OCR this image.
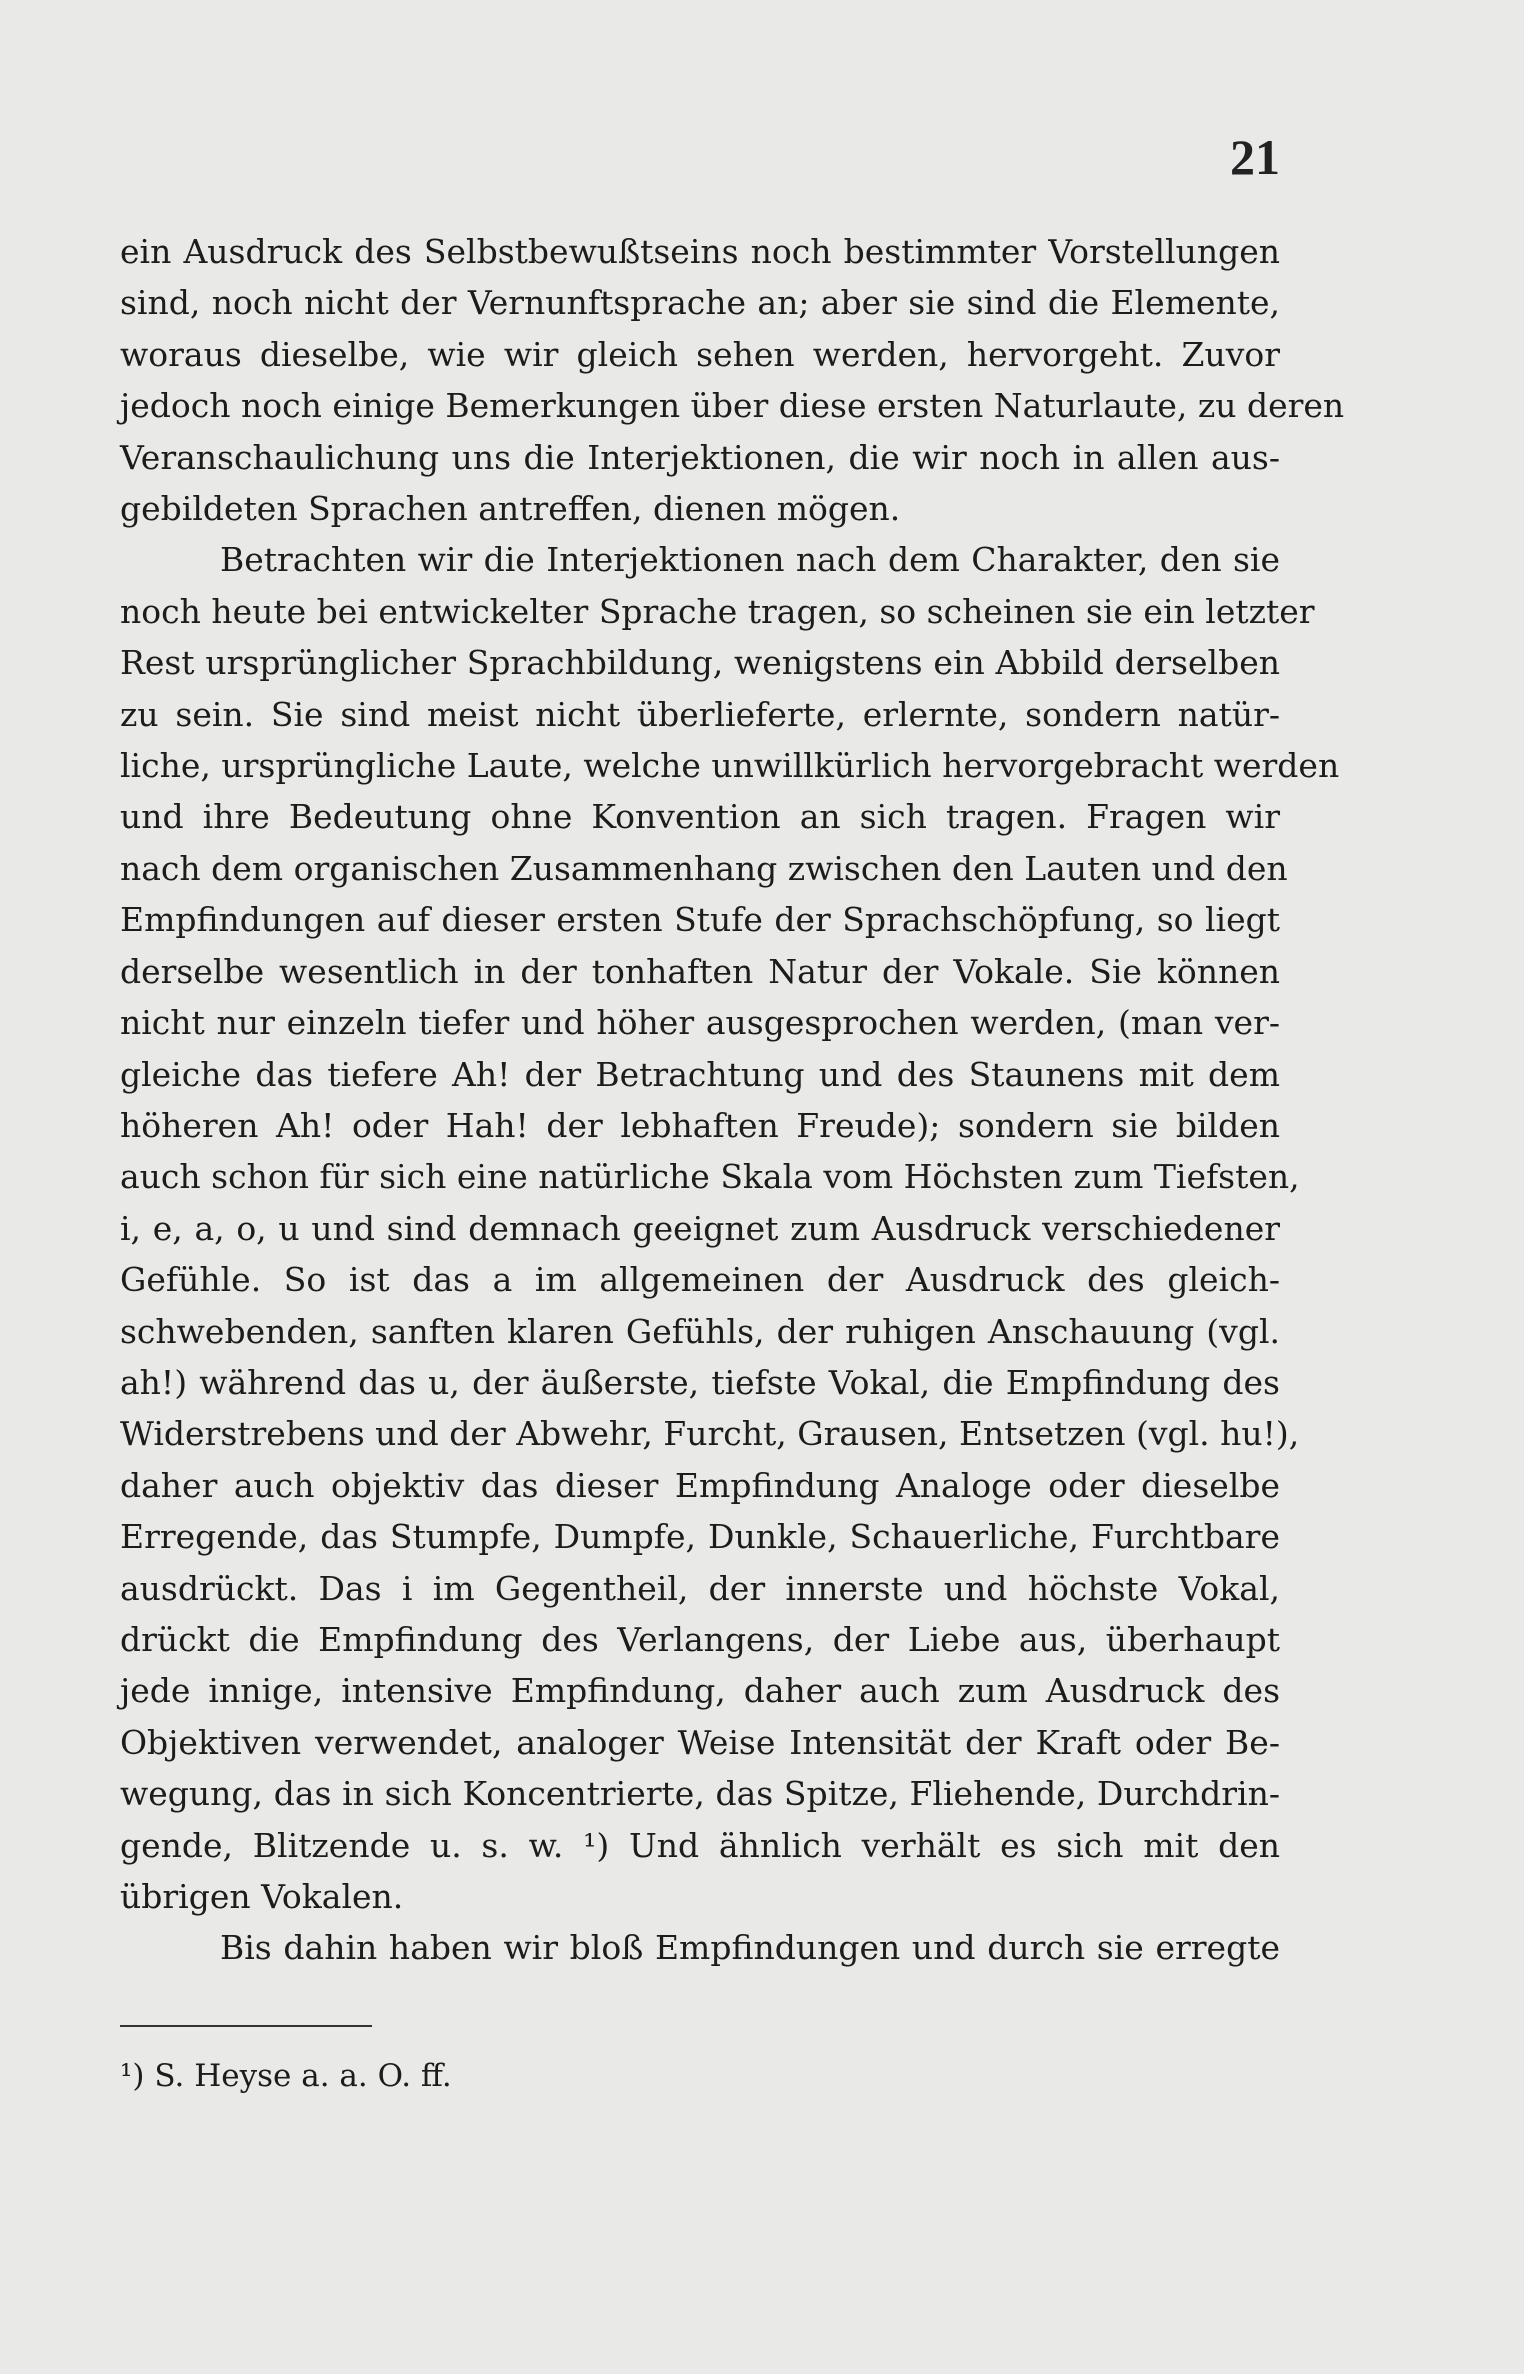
21
ein Ausdruck des Selbstbewußtseins noch bestimmter Vorstellungen
sind, noch nicht der Vernunftsprache an; aber sie sind die Elemente,
woraus dieselbe, wie wir gleich sehen werden, hervorgeht. Zuvor
jedoch noch einige Bemerkungen über diese ersten Naturlaute, zu deren
Veranschaulichung uns die Interjektionen, die wir noch in allen aus-
gebildeten Sprachen antreffen, dienen mögen.
Betrachten wir die Interjektionen nach dem Charakter, den sie
noch heute bei entwickelter Sprache tragen, so scheinen sie ein letzter
Rest ursprünglicher Sprachbildung, wenigstens ein Abbild derselben
zu sein. Sie sind meist nicht überlieferte, erlernte, sondern natür-
liche, ursprüngliche Laute, welche unwillkürlich hervorgebracht werden
und ihre Bedeutung ohne Konvention an sich tragen. Fragen wir
nach dem organischen Zusammenhang zwischen den Lauten und den
Empfindungen auf dieser ersten Stufe der Sprachschöpfung, so liegt
derselbe wesentlich in der tonhaften Natur der Vokale. Sie können
nicht nur einzeln tiefer und höher ausgesprochen werden, (man ver-
gleiche das tiefere Ah! der Betrachtung und des Staunens mit dem
höheren Ah! oder Hah! der lebhaften Freude); sondern sie bilden
auch schon für sich eine natürliche Skala vom Höchsten zum Tiefsten,
i, e, a, o, u und sind demnach geeignet zum Ausdruck verschiedener
Gefühle. So ist das a im allgemeinen der Ausdruck des gleich-
schwebenden, sanften klaren Gefühls, der ruhigen Anschauung (vgl.
ah!) während das u, der äußerste, tiefste Vokal, die Empfindung des
Widerstrebens und der Abwehr, Furcht, Grausen, Entsetzen (vgl. hu!),
daher auch objektiv das dieser Empfindung Analoge oder dieselbe
Erregende, das Stumpfe, Dumpfe, Dunkle, Schauerliche, Furchtbare
ausdrückt. Das i im Gegentheil, der innerste und höchste Vokal,
drückt die Empfindung des Verlangens, der Liebe aus, überhaupt
jede innige, intensive Empfindung, daher auch zum Ausdruck des
Objektiven verwendet, analoger Weise Intensität der Kraft oder Be-
wegung, das in sich Koncentrierte, das Spitze, Fliehende, Durchdrin-
gende, Blitzende u. s. w. ¹) Und ähnlich verhält es sich mit den
übrigen Vokalen.
Bis dahin haben wir bloß Empfindungen und durch sie erregte
¹) S. Heyse a. a. O. ff.
